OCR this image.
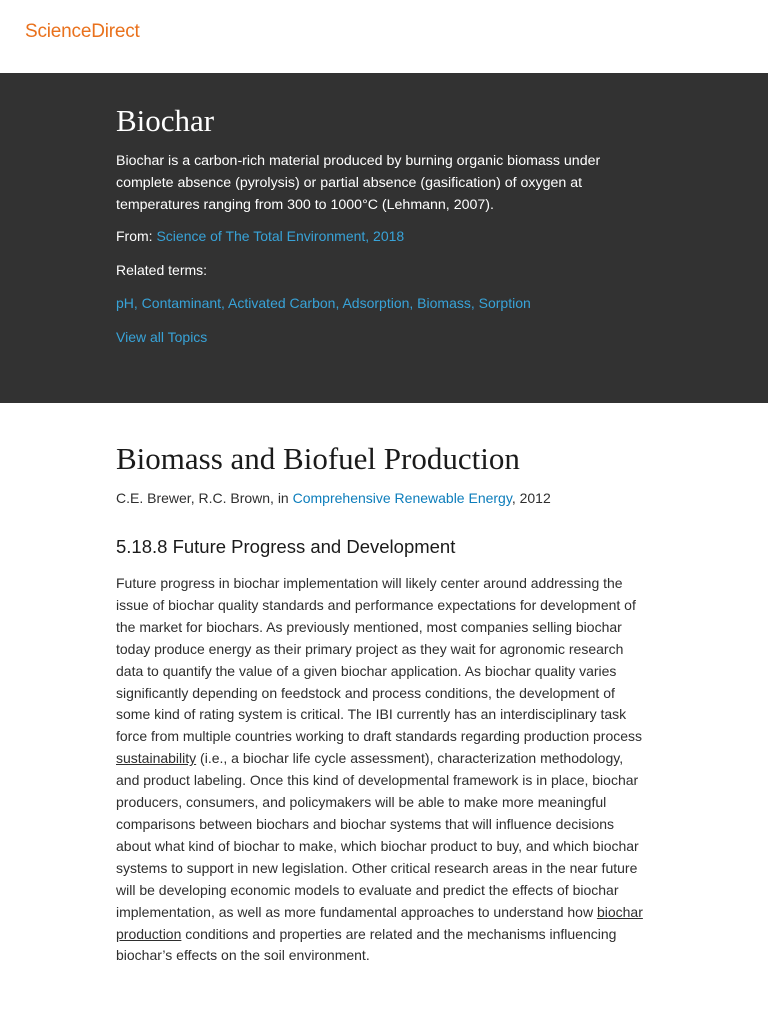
ScienceDirect
Biochar

Biochar is a carbon-rich material produced by burning organic biomass under complete absence (pyrolysis) or partial absence (gasification) of oxygen at temperatures ranging from 300 to 1000°C (Lehmann, 2007).

From: Science of The Total Environment, 2018

Related terms:

pH, Contaminant, Activated Carbon, Adsorption, Biomass, Sorption

View all Topics

Biomass and Biofuel Production

C.E. Brewer, R.C. Brown, in Comprehensive Renewable Energy, 2012

5.18.8 Future Progress and Development

Future progress in biochar implementation will likely center around addressing the issue of biochar quality standards and performance expectations for development of the market for biochars. As previously mentioned, most companies selling biochar today produce energy as their primary project as they wait for agronomic research data to quantify the value of a given biochar application. As biochar quality varies significantly depending on feedstock and process conditions, the development of some kind of rating system is critical. The IBI currently has an interdisciplinary task force from multiple countries working to draft standards regarding production process sustainability (i.e., a biochar life cycle assessment), characterization methodology, and product labeling. Once this kind of developmental framework is in place, biochar producers, consumers, and policymakers will be able to make more meaningful comparisons between biochars and biochar systems that will influence decisions about what kind of biochar to make, which biochar product to buy, and which biochar systems to support in new legislation. Other critical research areas in the near future will be developing economic models to evaluate and predict the effects of biochar implementation, as well as more fundamental approaches to understand how biochar production conditions and properties are related and the mechanisms influencing biochar’s effects on the soil environment.
